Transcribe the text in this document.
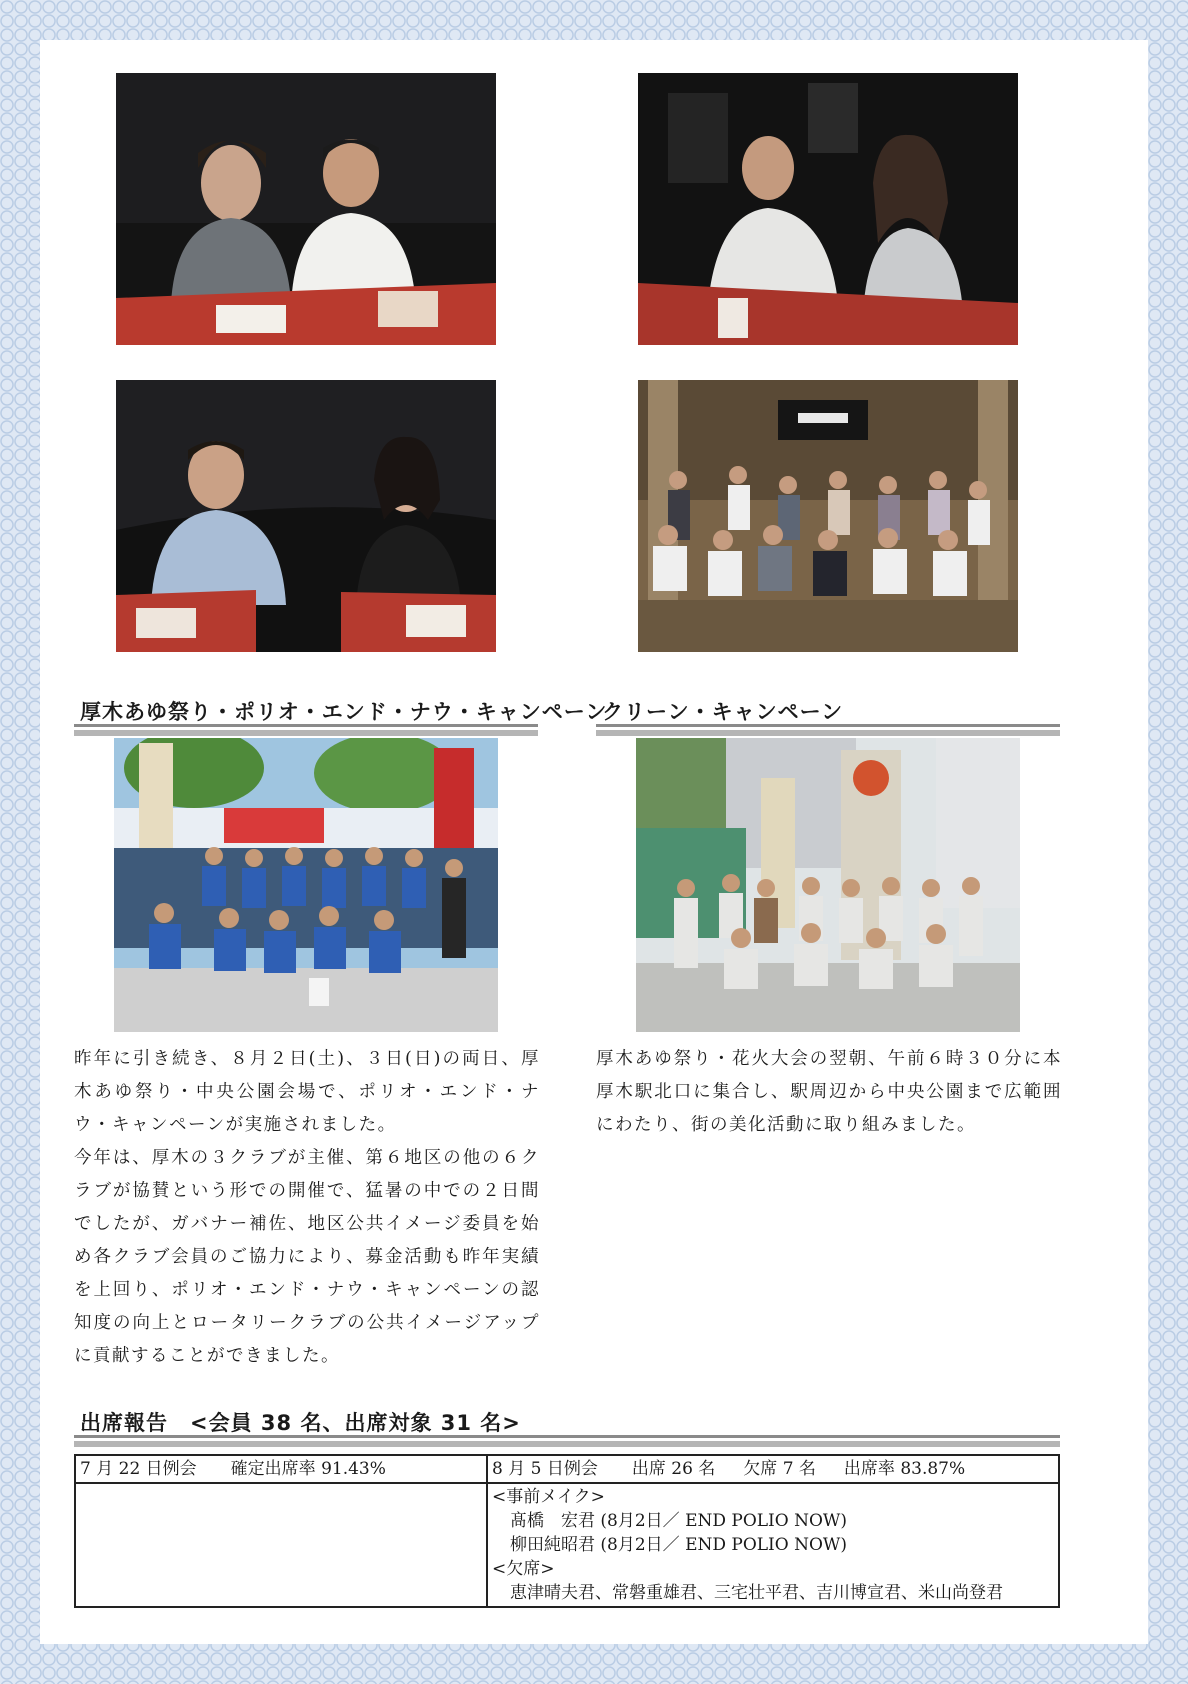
厚木あゆ祭り・ポリオ・エンド・ナウ・キャンペーン
クリーン・キャンペーン

昨年に引き続き、８月２日(土)、３日(日)の両日、厚木あゆ祭り・中央公園会場で、ポリオ・エンド・ナウ・キャンペーンが実施されました。

今年は、厚木の３クラブが主催、第６地区の他の６クラブが協賛という形での開催で、猛暑の中での２日間でしたが、ガバナー補佐、地区公共イメージ委員を始め各クラブ会員のご協力により、募金活動も昨年実績を上回り、ポリオ・エンド・ナウ・キャンペーンの認知度の向上とロータリークラブの公共イメージアップに貢献することができました。

厚木あゆ祭り・花火大会の翌朝、午前６時３０分に本厚木駅北口に集合し、駅周辺から中央公園まで広範囲にわたり、街の美化活動に取り組みました。

出席報告　<会員 38 名、出席対象 31 名>
7 月 22 日例会 確定出席率 91.43%	8 月 5 日例会 出席 26 名 欠席 7 名 出席率 83.87%

	<事前メイク>
髙橋　宏君 (8月2日／ END POLIO NOW)
柳田純昭君 (8月2日／ END POLIO NOW)
<欠席>
恵津晴夫君、常磐重雄君、三宅壮平君、吉川博宣君、米山尚登君
